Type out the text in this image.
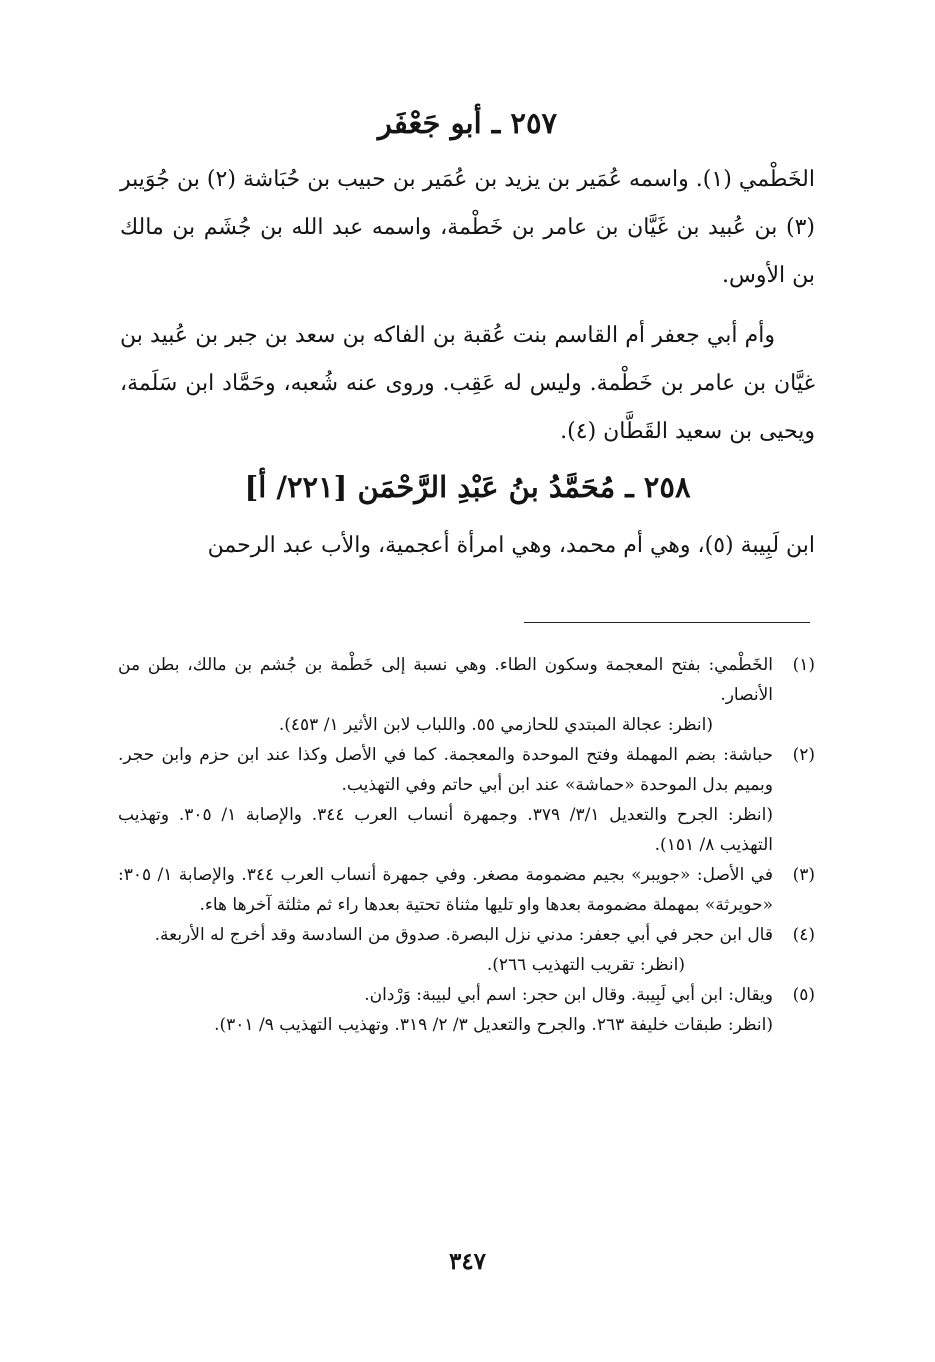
٢٥٧ ـ أبو جَعْفَر

الخَطْمي (١). واسمه عُمَير بن يزيد بن عُمَير بن حبيب بن حُبَاشة (٢) بن جُوَيبر (٣) بن عُبيد بن غَيَّان بن عامر بن خَطْمة، واسمه عبد الله بن جُشَم بن مالك بن الأوس.

وأم أبي جعفر أم القاسم بنت عُقبة بن الفاكه بن سعد بن جبر بن عُبيد بن غيَّان بن عامر بن خَطْمة. وليس له عَقِب. وروى عنه شُعبه، وحَمَّاد ابن سَلَمة، ويحيى بن سعيد القَطَّان (٤).

٢٥٨ ـ مُحَمَّدُ بنُ عَبْدِ الرَّحْمَن [٢٢١/ أ]

ابن لَبِيبة (٥)، وهي أم محمد، وهي امرأة أعجمية، والأب عبد الرحمن

(١)
الخَطْمي: بفتح المعجمة وسكون الطاء. وهي نسبة إلى خَطْمة بن جُشم بن مالك، بطن من الأنصار.
(انظر: عجالة المبتدي للحازمي ٥٥. واللباب لابن الأثير ١/ ٤٥٣).
(٢)
حباشة: بضم المهملة وفتح الموحدة والمعجمة. كما في الأصل وكذا عند ابن حزم وابن حجر. وبميم بدل الموحدة «حماشة» عند ابن أبي حاتم وفي التهذيب.
(انظر: الجرح والتعديل ٣/١/ ٣٧٩. وجمهرة أنساب العرب ٣٤٤. والإصابة ١/ ٣٠٥. وتهذيب التهذيب ٨/ ١٥١).
(٣)
في الأصل: «جويبر» بجيم مضمومة مصغر. وفي جمهرة أنساب العرب ٣٤٤. والإصابة ١/ ٣٠٥: «حويرثة» بمهملة مضمومة بعدها واو تليها مثناة تحتية بعدها راء ثم مثلثة آخرها هاء.
(٤)
قال ابن حجر في أبي جعفر: مدني نزل البصرة. صدوق من السادسة وقد أخرج له الأربعة.
(انظر: تقريب التهذيب ٢٦٦).
(٥)
ويقال: ابن أبي لَبِيبة. وقال ابن حجر: اسم أبي لبيبة: وَرْدان.
(انظر: طبقات خليفة ٢٦٣. والجرح والتعديل ٣/ ٢/ ٣١٩. وتهذيب التهذيب ٩/ ٣٠١).
٣٤٧
